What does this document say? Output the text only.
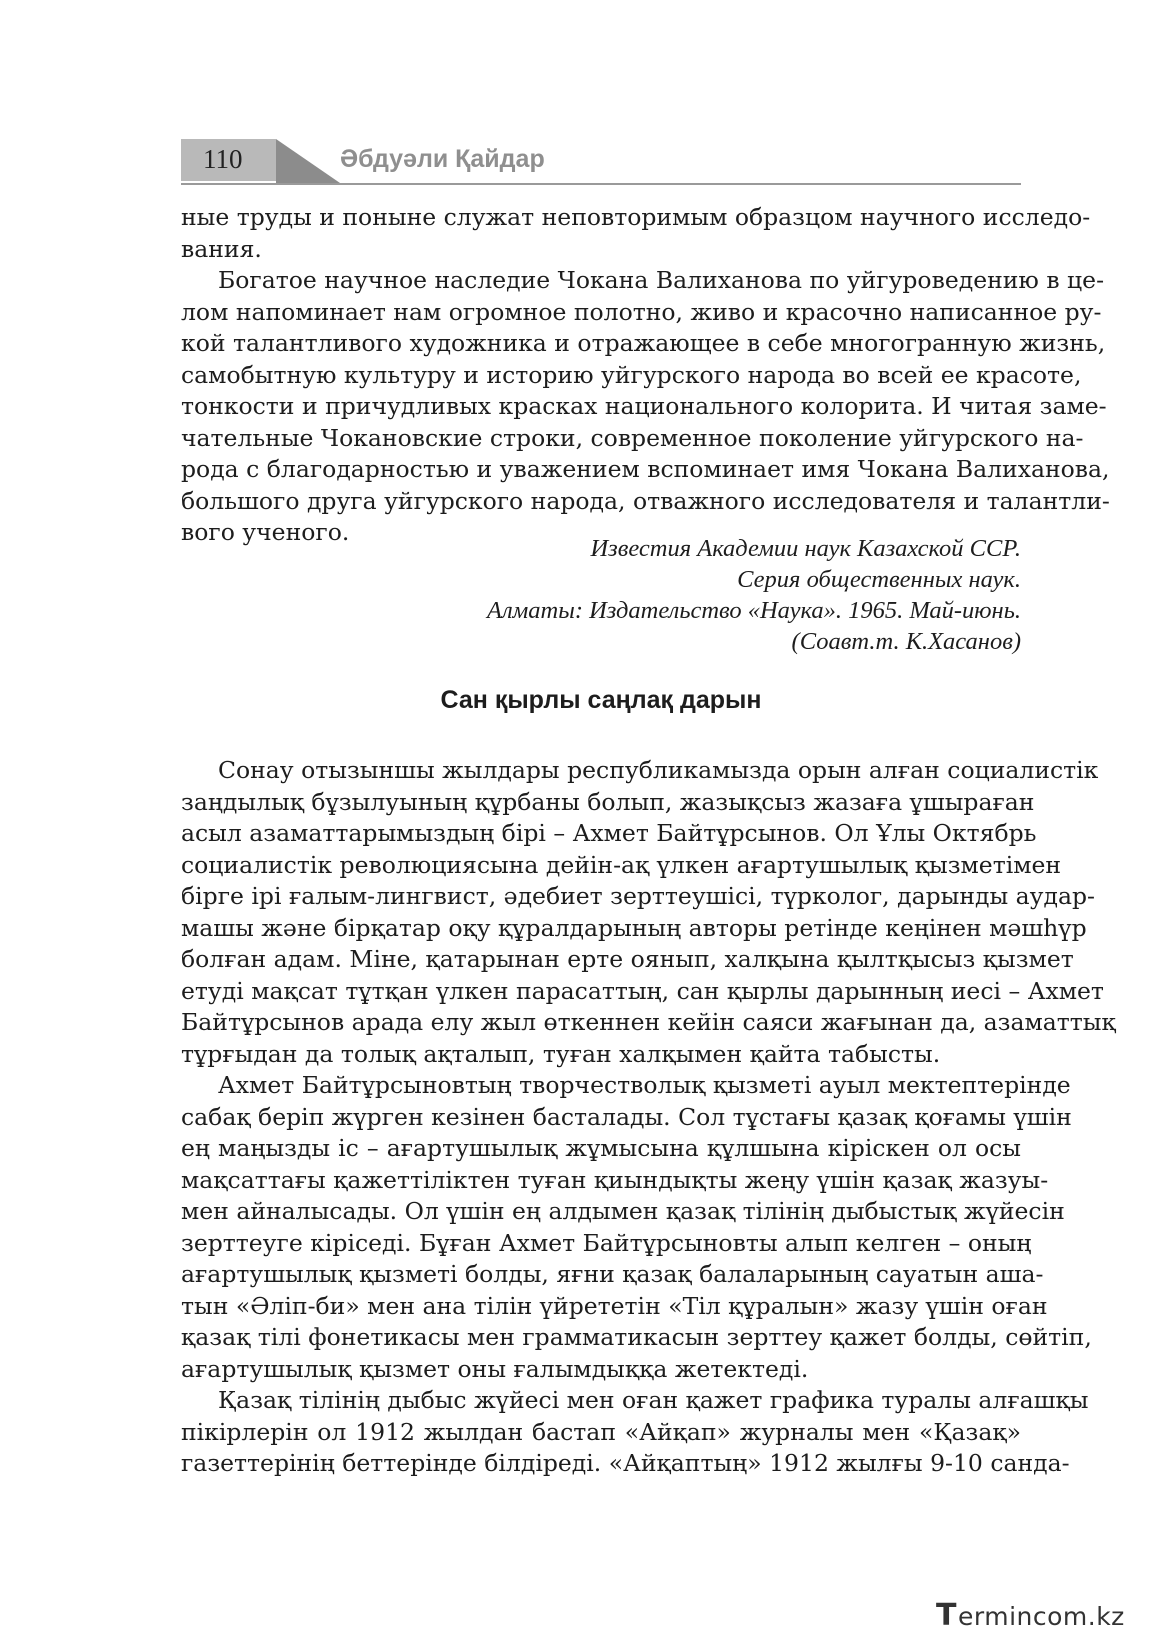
110	Әбдуәли Қайдар
ные труды и поныне служат неповторимым образцом научного исследо-
вания.
Богатое научное наследие Чокана Валиханова по уйгуроведению в це-
лом напоминает нам огромное полотно, живо и красочно написанное ру-
кой талантливого художника и отражающее в себе многогранную жизнь,
самобытную культуру и историю уйгурского народа во всей ее красоте,
тонкости и причудливых красках национального колорита. И читая заме-
чательные Чокановские строки, современное поколение уйгурского на-
рода с благодарностью и уважением вспоминает имя Чокана Валиханова,
большого друга уйгурского народа, отважного исследователя и талантли-
вого ученого.
Известия Академии наук Казахской ССР.
Серия общественных наук.
Алматы: Издательство «Наука». 1965. Май-июнь.
(Соавт.т. К.Хасанов)
Сан қырлы саңлақ дарын
Сонау отызыншы жылдары республикамызда орын алған социалистік
заңдылық бұзылуының құрбаны болып, жазықсыз жазаға ұшыраған
асыл азаматтарымыздың бірі – Ахмет Байтұрсынов. Ол Ұлы Октябрь
социалистік революциясына дейін-ақ үлкен ағартушылық қызметімен
бірге ірі ғалым-лингвист, әдебиет зерттеушісі, түрколог, дарынды аудар-
машы және бірқатар оқу құралдарының авторы ретінде кеңінен мәшһүр
болған адам. Міне, қатарынан ерте оянып, халқына қылтқысыз қызмет
етуді мақсат тұтқан үлкен парасаттың, сан қырлы дарынның иесі – Ахмет
Байтұрсынов арада елу жыл өткеннен кейін саяси жағынан да, азаматтық
тұрғыдан да толық ақталып, туған халқымен қайта табысты.
Ахмет Байтұрсыновтың творчестволық қызметі ауыл мектептерінде
сабақ беріп жүрген кезінен басталады. Сол тұстағы қазақ қоғамы үшін
ең маңызды іс – ағартушылық жұмысына құлшына кіріскен ол осы
мақсаттағы қажеттіліктен туған қиындықты жеңу үшін қазақ жазуы-
мен айналысады. Ол үшін ең алдымен қазақ тілінің дыбыстық жүйесін
зерттеуге кіріседі. Бұған Ахмет Байтұрсыновты алып келген – оның
ағартушылық қызметі болды, яғни қазақ балаларының сауатын аша-
тын «Әліп-би» мен ана тілін үйрететін «Тіл құралын» жазу үшін оған
қазақ тілі фонетикасы мен грамматикасын зерттеу қажет болды, сөйтіп,
ағартушылық қызмет оны ғалымдыққа жетектеді.
Қазақ тілінің дыбыс жүйесі мен оған қажет графика туралы алғашқы
пікірлерін ол 1912 жылдан бастап «Айқап» журналы мен «Қазақ»
газеттерінің беттерінде білдіреді. «Айқаптың» 1912 жылғы 9-10 санда-
T ermincom.kz
